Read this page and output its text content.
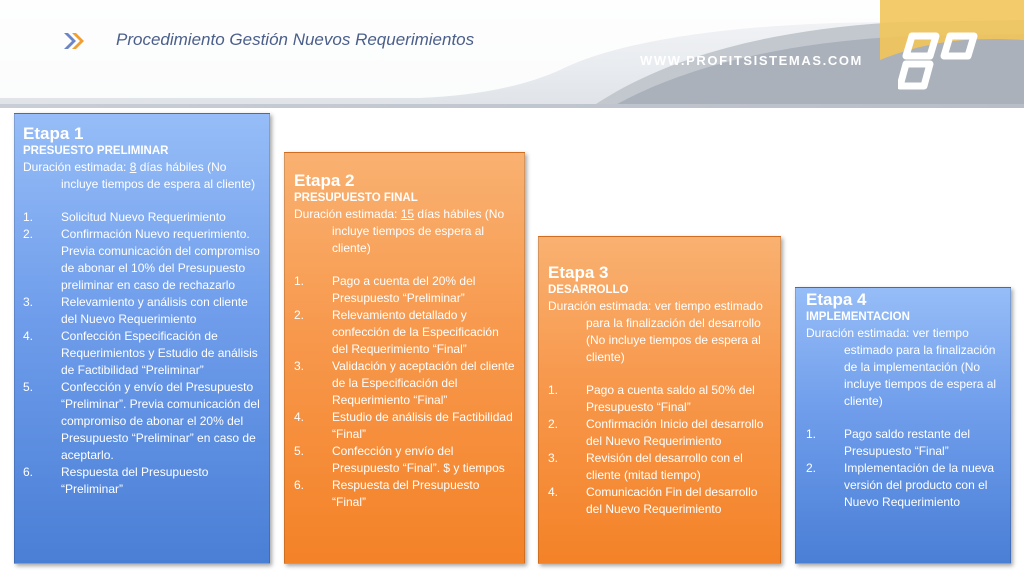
Procedimiento Gestión Nuevos Requerimientos
WWW.PROFITSISTEMAS.COM
Etapa 1
PRESUESTO PRELIMINAR
Duración estimada: 8 días hábiles (No incluye tiempos de espera al cliente)
1.	Solicitud Nuevo Requerimiento
2.	Confirmación Nuevo requerimiento. Previa comunicación del compromiso de abonar el 10% del Presupuesto preliminar en caso de rechazarlo
3.	Relevamiento y análisis con cliente del Nuevo Requerimiento
4.	Confección Especificación de Requerimientos y Estudio de análisis de Factibilidad “Preliminar”
5.	Confección y envío del Presupuesto “Preliminar”. Previa comunicación del compromiso de abonar el 20% del Presupuesto “Preliminar” en caso de aceptarlo.
6.	Respuesta del Presupuesto “Preliminar”
Etapa 2
PRESUPUESTO FINAL
Duración estimada: 15 días hábiles (No incluye tiempos de espera al cliente)
1.	Pago a cuenta del 20% del Presupuesto “Preliminar”
2.	Relevamiento detallado y confección de la Especificación del Requerimiento “Final”
3.	Validación y aceptación del cliente de la Especificación del Requerimiento “Final”
4.	Estudio de análisis de Factibilidad “Final”
5.	Confección y envío del Presupuesto “Final”. $ y tiempos
6.	Respuesta del Presupuesto “Final”
Etapa 3
DESARROLLO
Duración estimada: ver tiempo estimado para la finalización del desarrollo (No incluye tiempos de espera al cliente)
1.	Pago a cuenta saldo al 50% del Presupuesto “Final”
2.	Confirmación Inicio del desarrollo del Nuevo Requerimiento
3.	Revisión del desarrollo con el cliente (mitad tiempo)
4.	Comunicación Fin del desarrollo del Nuevo Requerimiento
Etapa 4
IMPLEMENTACION
Duración estimada: ver tiempo estimado para la finalización de la implementación (No incluye tiempos de espera al cliente)
1.	Pago saldo restante del Presupuesto “Final”
2.	Implementación de la nueva versión del producto con el Nuevo Requerimiento
